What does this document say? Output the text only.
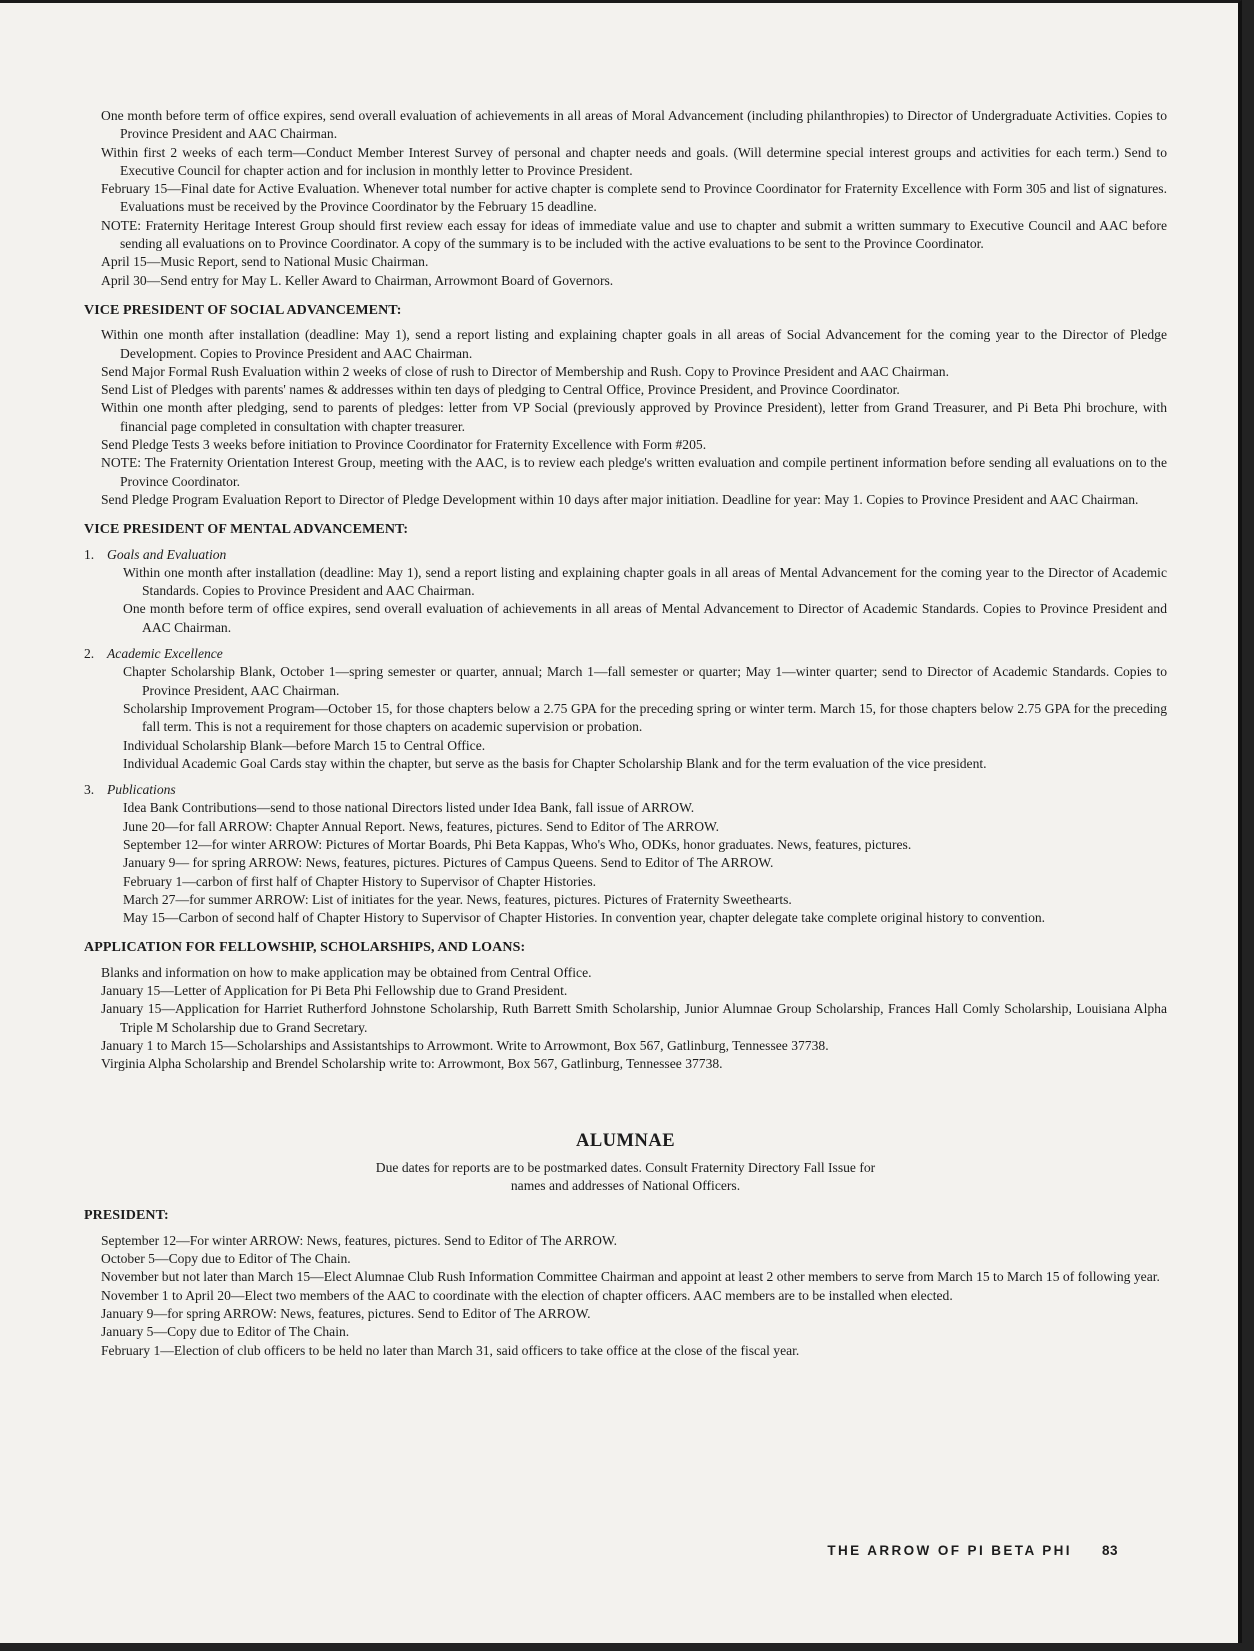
One month before term of office expires, send overall evaluation of achievements in all areas of Moral Advancement (including philanthropies) to Director of Undergraduate Activities. Copies to Province President and AAC Chairman.
Within first 2 weeks of each term—Conduct Member Interest Survey of personal and chapter needs and goals. (Will determine special interest groups and activities for each term.) Send to Executive Council for chapter action and for inclusion in monthly letter to Province President.
February 15—Final date for Active Evaluation. Whenever total number for active chapter is complete send to Province Coordinator for Fraternity Excellence with Form 305 and list of signatures. Evaluations must be received by the Province Coordinator by the February 15 deadline.
NOTE: Fraternity Heritage Interest Group should first review each essay for ideas of immediate value and use to chapter and submit a written summary to Executive Council and AAC before sending all evaluations on to Province Coordinator. A copy of the summary is to be included with the active evaluations to be sent to the Province Coordinator.
April 15—Music Report, send to National Music Chairman.
April 30—Send entry for May L. Keller Award to Chairman, Arrowmont Board of Governors.
VICE PRESIDENT OF SOCIAL ADVANCEMENT:
Within one month after installation (deadline: May 1), send a report listing and explaining chapter goals in all areas of Social Advancement for the coming year to the Director of Pledge Development. Copies to Province President and AAC Chairman.
Send Major Formal Rush Evaluation within 2 weeks of close of rush to Director of Membership and Rush. Copy to Province President and AAC Chairman.
Send List of Pledges with parents' names & addresses within ten days of pledging to Central Office, Province President, and Province Coordinator.
Within one month after pledging, send to parents of pledges: letter from VP Social (previously approved by Province President), letter from Grand Treasurer, and Pi Beta Phi brochure, with financial page completed in consultation with chapter treasurer.
Send Pledge Tests 3 weeks before initiation to Province Coordinator for Fraternity Excellence with Form #205.
NOTE: The Fraternity Orientation Interest Group, meeting with the AAC, is to review each pledge's written evaluation and compile pertinent information before sending all evaluations on to the Province Coordinator.
Send Pledge Program Evaluation Report to Director of Pledge Development within 10 days after major initiation. Deadline for year: May 1. Copies to Province President and AAC Chairman.
VICE PRESIDENT OF MENTAL ADVANCEMENT:
1. Goals and Evaluation
Within one month after installation (deadline: May 1), send a report listing and explaining chapter goals in all areas of Mental Advancement for the coming year to the Director of Academic Standards. Copies to Province President and AAC Chairman.
One month before term of office expires, send overall evaluation of achievements in all areas of Mental Advancement to Director of Academic Standards. Copies to Province President and AAC Chairman.
2. Academic Excellence
Chapter Scholarship Blank, October 1—spring semester or quarter, annual; March 1—fall semester or quarter; May 1—winter quarter; send to Director of Academic Standards. Copies to Province President, AAC Chairman.
Scholarship Improvement Program—October 15, for those chapters below a 2.75 GPA for the preceding spring or winter term. March 15, for those chapters below 2.75 GPA for the preceding fall term. This is not a requirement for those chapters on academic supervision or probation.
Individual Scholarship Blank—before March 15 to Central Office.
Individual Academic Goal Cards stay within the chapter, but serve as the basis for Chapter Scholarship Blank and for the term evaluation of the vice president.
3. Publications
Idea Bank Contributions—send to those national Directors listed under Idea Bank, fall issue of ARROW.
June 20—for fall ARROW: Chapter Annual Report. News, features, pictures. Send to Editor of The ARROW.
September 12—for winter ARROW: Pictures of Mortar Boards, Phi Beta Kappas, Who's Who, ODKs, honor graduates. News, features, pictures.
January 9— for spring ARROW: News, features, pictures. Pictures of Campus Queens. Send to Editor of The ARROW.
February 1—carbon of first half of Chapter History to Supervisor of Chapter Histories.
March 27—for summer ARROW: List of initiates for the year. News, features, pictures. Pictures of Fraternity Sweethearts.
May 15—Carbon of second half of Chapter History to Supervisor of Chapter Histories. In convention year, chapter delegate take complete original history to convention.
APPLICATION FOR FELLOWSHIP, SCHOLARSHIPS, AND LOANS:
Blanks and information on how to make application may be obtained from Central Office.
January 15—Letter of Application for Pi Beta Phi Fellowship due to Grand President.
January 15—Application for Harriet Rutherford Johnstone Scholarship, Ruth Barrett Smith Scholarship, Junior Alumnae Group Scholarship, Frances Hall Comly Scholarship, Louisiana Alpha Triple M Scholarship due to Grand Secretary.
January 1 to March 15—Scholarships and Assistantships to Arrowmont. Write to Arrowmont, Box 567, Gatlinburg, Tennessee 37738.
Virginia Alpha Scholarship and Brendel Scholarship write to: Arrowmont, Box 567, Gatlinburg, Tennessee 37738.
ALUMNAE
Due dates for reports are to be postmarked dates. Consult Fraternity Directory Fall Issue for
names and addresses of National Officers.
PRESIDENT:
September 12—For winter ARROW: News, features, pictures. Send to Editor of The ARROW.
October 5—Copy due to Editor of The Chain.
November but not later than March 15—Elect Alumnae Club Rush Information Committee Chairman and appoint at least 2 other members to serve from March 15 to March 15 of following year.
November 1 to April 20—Elect two members of the AAC to coordinate with the election of chapter officers. AAC members are to be installed when elected.
January 9—for spring ARROW: News, features, pictures. Send to Editor of The ARROW.
January 5—Copy due to Editor of The Chain.
February 1—Election of club officers to be held no later than March 31, said officers to take office at the close of the fiscal year.
THE ARROW OF PI BETA PHI 83
